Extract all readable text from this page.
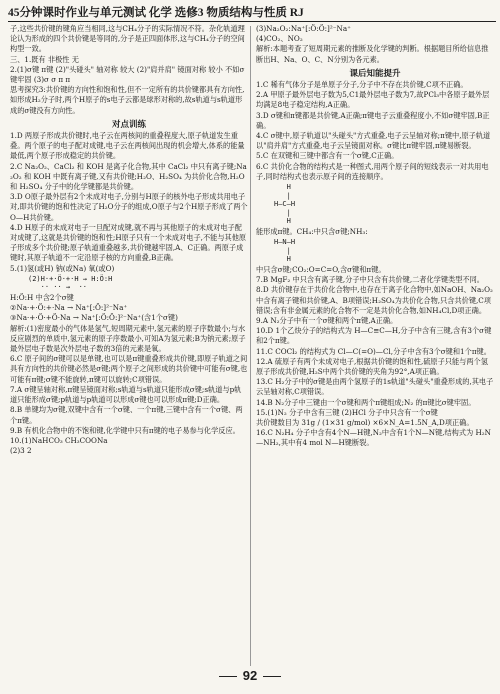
45分钟课时作业与单元测试 化学 选修3 物质结构与性质 RJ

子,这些共价键的键角应当相同,这与CH₄分子的实际情况不符。杂化轨道理论认为形成的四个共价键是等同的,分子是正四面体形,这与CH₄分子的空间构型一致。

三、1.既有 非极性 无

2.(1)σ键 π键 (2)"头碰头" 轴对称 较大 (2)"肩并肩" 镜面对称 较小 不如σ键牢固 (3)σ σ π π

思考探究3:共价键的方向性和饱和性,但不一定所有的共价键都具有方向性,如形成H₂分子时,两个H原子的s电子云都是球形对称的,故s轨道与s轨道形成的σ键没有方向性。

对点训练

1.D 两原子形成共价键时,电子云在两核间的重叠程度大,原子轨道发生重叠。两个原子的电子配对成键,电子云在两核间出现的机会增大,体系的能量最低,两个原子形成稳定的共价键。

2.C Na₂O₂、CaCl₂ 和 KOH 是离子化合物,其中 CaCl₂ 中只有离子键;Na₂O₂ 和 KOH 中既有离子键,又有共价键;H₂O、H₂SO₄ 为共价化合物,H₂O 和 H₂SO₄ 分子中的化学键都是共价键。

3.D O原子最外层有2个未成对电子,分别与H原子的核外电子形成共用电子对,即共价键的饱和性决定了H₂O分子的组成,O原子与2个H原子形成了两个O—H共价键。

4.D H原子的未成对电子一旦配对成键,就不再与其他原子的未成对电子配对成键了,这就是共价键的饱和性;H原子只有一个未成对电子,不能与其他原子形成多个共价键;原子轨道重叠越多,共价键越牢固,A、C正确。两原子成键时,其原子轨道不一定沿原子核的方向重叠,B正确。

5.(1)氢(或H) 钠(或Na) 氧(或O)

(2)H·+·Ö·+·H → H:Ö:H
·· ·· →  ··

H:Ö:H 中含2个σ键

②Na·+·Ö:+·Na → Na⁺[:Ö:]²⁻Na⁺

③Na·+·Ö·+Ö·Na → Na⁺[:Ö:Ö:]²⁻Na⁺(含1个σ键)

解析:(1)密度最小的气体是氢气,短周期元素中,氢元素的原子序数最小;与水反应剧烈的单质中,氢元素的原子序数最小,可知A为氢元素;B为钠元素;原子最外层电子数是次外层电子数的3倍的元素是氧。

6.C 原子间的σ键可以是单键,也可以是π键重叠形成共价键,即原子轨道之间具有方向性的共价键必然是σ键;两个原子之间形成的共价键中可能有σ键,也可能有π键;σ键不能旋转,π键可以旋转;C项错误。

7.A σ键呈轴对称,π键呈镜面对称;s轨道与s轨道只能形成σ键;s轨道与p轨道只能形成σ键;p轨道与p轨道可以形成σ键也可以形成π键;D正确。

8.B 单键均为σ键,双键中含有一个σ键、一个π键,三键中含有一个σ键、两个π键。

9.B 有机化合物中的不饱和键,化学键中只有π键的电子易参与化学反应。

10.(1)NaHCO₃ CH₃COONa

(2)3 2

(3)Na₂O₂:Na⁺[:Ö:Ö:]²⁻Na⁺

(4)CO₂、NO₂

解析:本题考查了短周期元素的推断及化学键的判断。根据题目所给信息推断出H、Na、O、C、N分别为各元素。

课后知能提升

1.C 稀有气体分子是单原子分子,分子中不存在共价键,C项不正确。

2.A 甲原子最外层电子数为5,C1最外层电子数为7,故PCl₃中各原子最外层均满足8电子稳定结构,A正确。

3.D σ键和π键都是共价键,A正确;π键电子云重叠程度小,不如σ键牢固,B正确。

4.C σ键中,原子轨道以"头碰头"方式重叠,电子云呈轴对称;π键中,原子轨道以"肩并肩"方式重叠,电子云呈镜面对称。σ键比π键牢固,π键易断裂。

5.C 在双键和三键中都含有一个σ键,C正确。

6.C 共价化合物的结构式是一种图式,用两个原子间的短线表示一对共用电子,同时结构式也表示原子间的连接顺序。

H
|
H—C—H
|
H

能形成π键。CH₄:中只含σ键;NH₃:

H—N—H
|
H

中只含σ键;CO₂:O=C=O,含σ键和π键。

7.B MgF₂ 中只含有离子键,分子中只含有共价键,二者化学键类型不同。

8.D 共价键存在于共价化合物中,也存在于离子化合物中,如NaOH、Na₂O₂中含有离子键和共价键,A、B项错误;H₂SO₄为共价化合物,只含共价键,C项错误;含有非金属元素的化合物不一定是共价化合物,如NH₄Cl,D项正确。

9.A N₂分子中有一个σ键和两个π键,A正确。

10.D 1个乙炔分子的结构式为 H—C≡C—H,分子中含有三键,含有3个σ键和2个π键。

11.C COCl₂ 的结构式为 Cl—C(=O)—Cl,分子中含有3个σ键和1个π键。

12.A 硫原子有两个未成对电子,根据共价键的饱和性,硫原子只能与两个氢原子形成共价键,H₂S中两个共价键的夹角为92°,A项正确。

13.C H₂分子中的σ键是由两个氢原子的1s轨道"头碰头"重叠形成的,其电子云呈轴对称,C项错误。

14.B N₂分子中三键由一个σ键和两个π键组成;N₂ 的π键比σ键牢固。

15.(1)N₂ 分子中含有三键 (2)HCl 分子中只含有一个σ键

共价键数目为 31g / (1×31 g/mol) ×6×N_A=1.5N_A,D项正确。

16.C N₂H₄ 分子中含有4个N—H键,N₂中含有1个N—N键,结构式为 H₂N—NH₂,其中有4 mol N—H键断裂。

92
